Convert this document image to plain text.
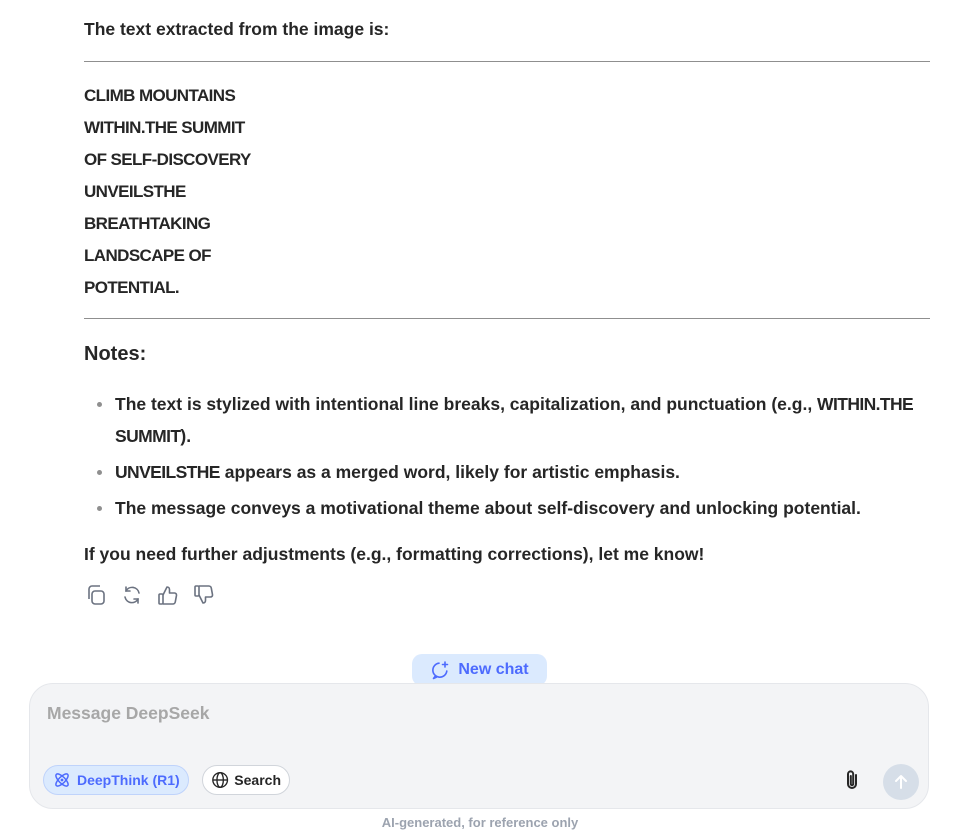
The text extracted from the image is:
CLIMB MOUNTAINS
WITHIN.THE SUMMIT
OF SELF-DISCOVERY
UNVEILSTHE
BREATHTAKING
LANDSCAPE OF
POTENTIAL.
Notes:
The text is stylized with intentional line breaks, capitalization, and punctuation (e.g., WITHIN.THE SUMMIT).
UNVEILSTHE appears as a merged word, likely for artistic emphasis.
The message conveys a motivational theme about self-discovery and unlocking potential.
If you need further adjustments (e.g., formatting corrections), let me know!
New chat
Message DeepSeek
DeepThink (R1)	Search
AI-generated, for reference only
